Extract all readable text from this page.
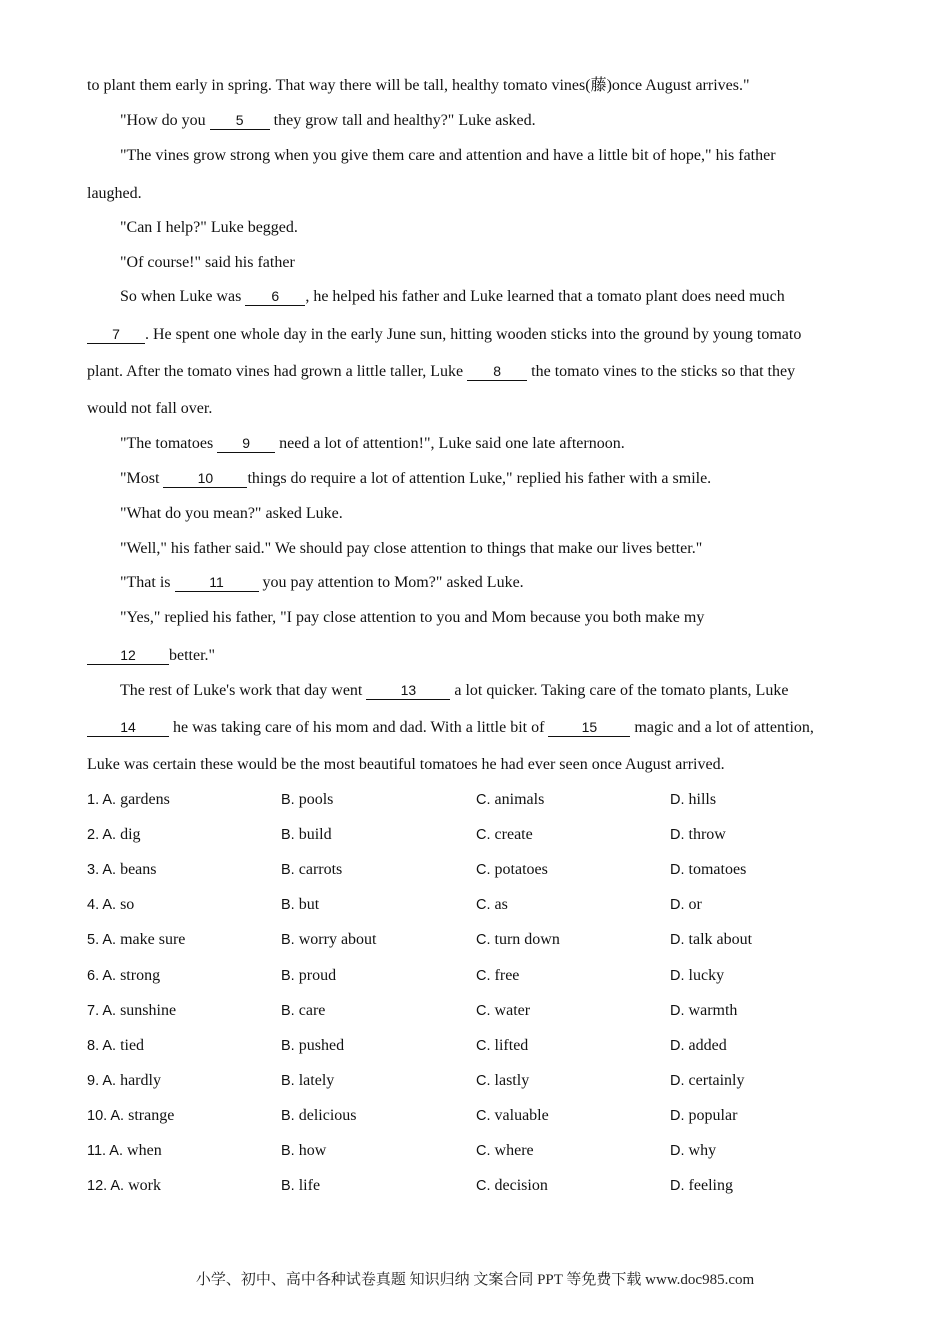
to plant them early in spring. That way there will be tall, healthy tomato vines(藤)once August arrives."
"How do you 5 they grow tall and healthy?" Luke asked.
"The vines grow strong when you give them care and attention and have a little bit of hope," his father
laughed.
"Can I help?" Luke begged.
"Of course!" said his father
So when Luke was 6 , he helped his father and Luke learned that a tomato plant does need much
7 . He spent one whole day in the early June sun, hitting wooden sticks into the ground by young tomato
plant. After the tomato vines had grown a little taller, Luke 8 the tomato vines to the sticks so that they
would not fall over.
"The tomatoes 9 need a lot of attention!", Luke said one late afternoon.
"Most 10 things do require a lot of attention Luke," replied his father with a smile.
"What do you mean?" asked Luke.
"Well," his father said." We should pay close attention to things that make our lives better."
"That is 11 you pay attention to Mom?" asked Luke.
"Yes," replied his father, "I pay close attention to you and Mom because you both make my
12 better."
The rest of Luke's work that day went 13 a lot quicker. Taking care of the tomato plants, Luke
14 he was taking care of his mom and dad. With a little bit of 15 magic and a lot of attention,
Luke was certain these would be the most beautiful tomatoes he had ever seen once August arrived.
1. A. gardens	B. pools	C. animals	D. hills
2. A. dig	B. build	C. create	D. throw
3. A. beans	B. carrots	C. potatoes	D. tomatoes
4. A. so	B. but	C. as	D. or
5. A. make sure	B. worry about	C. turn down	D. talk about
6. A. strong	B. proud	C. free	D. lucky
7. A. sunshine	B. care	C. water	D. warmth
8. A. tied	B. pushed	C. lifted	D. added
9. A. hardly	B. lately	C. lastly	D. certainly
10. A. strange	B. delicious	C. valuable	D. popular
11. A. when	B. how	C. where	D. why
12. A. work	B. life	C. decision	D. feeling
小学、初中、高中各种试卷真题 知识归纳 文案合同 PPT 等免费下载 www.doc985.com
